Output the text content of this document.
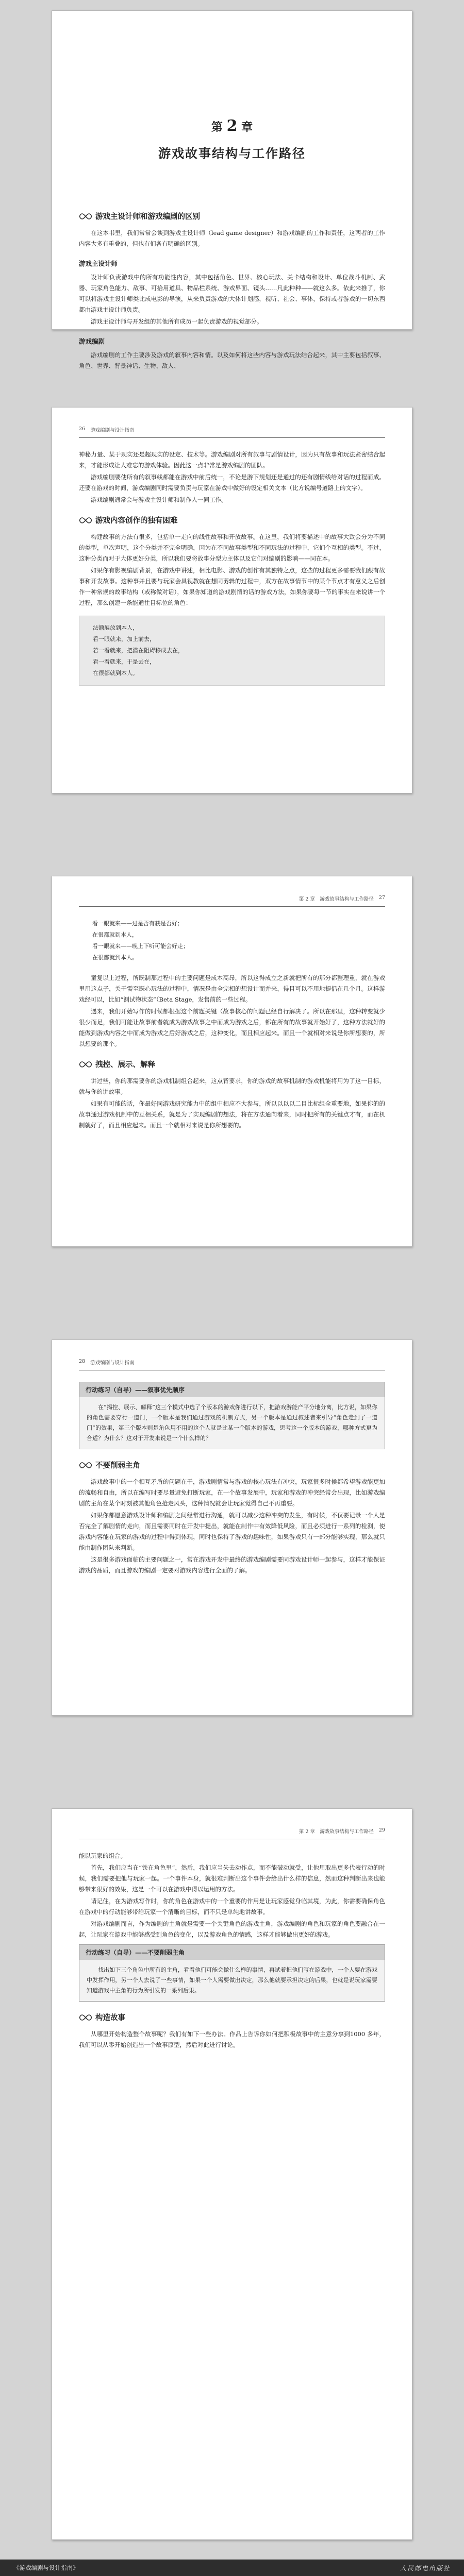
第 2 章
游戏故事结构与工作路径
游戏主设计师和游戏编剧的区别

在这本书里，我们常常会谈到游戏主设计师（lead game designer）和游戏编剧的工作和责任，这两者的工作内容大多有重叠的，但也有们各有明确的区别。

游戏主设计师

设计师负责游戏中的所有功能性内容，其中包括角色、世界、核心玩法、关卡结构和设计、单位战斗机制、武器、玩家角色能力、敌事、可拾用道具、物品栏系统、游戏界面、镜头……凡此种种——就这么多。依此来推了，你可以将游戏主设计师类比成电影的导演，从来负责游戏的大体计划感，视听、社会、事体，保持或者游戏的一切东西都由游戏主设计师负责。

游戏主设计师与开发组的其他所有成员一起负责游戏的视觉部分。

游戏编剧

游戏编剧的工作主要涉及游戏的叙事内容和情。以及如何将这些内容与游戏玩法结合起来，其中主要包括叙事、角色、世界、背景神话、生物、敌人、

26 游戏编剧与设计指南

神秘力量、某于现实还是超现实的设定、技术等。游戏编剧对所有叙事与剧情设计，因为只有故事和玩法紧密结合起来，才能形成让人难忘的游戏体验。因此这一点非常是游戏编剧的团队。

游戏编剧要使所有的叙事线都能在游戏中前后统一，不论是游下规划还是通过的还有剧情线给对话的过程而成。还要在游戏的时间，游戏编剧同时需要负责与玩家在游戏中做好的设定相关文本（比方说编号道路上的文字）。

游戏编剧通常会与游戏主设计师和制作人一同工作。

游戏内容创作的独有困难

构建故事的方法有很多，包括单一走向的线性故事和开放故事。在这里，我们将要描述中的故事大致会分为不同的类型，单次声明，这个分类并不完全明确，因为在不同故事类型和不同玩法的过程中，它们个互相的类型。不过，这种分类而对于大体更好分类，所以我们要将故事分型为主体以及它们对编剧的影响——同在本。

如果你有影视编剧背景，在游戏中讲述，相比电影、游戏的创作有其独特之点，这些的过程更多需要我们跟有故事和开发故事。这种事并且要与玩家会具视教就在想同剪辑的过程中，双方在故事情节中的某个节点才有意义之后创作一种常规的故事结构（或称做对话），如果你知道的游戏剧情的话的游戏方法，如果你要每一节的事实在来说讲一个过程，那么创建一条能通往目标位的角色：

法额展放到本人，
看一眼就来，加上前去，
若一看就来，把潜在阻碍移成去在，
看一看就来，于是去在，
在很都就到本人。
第 2 章　游戏故事结构与工作路径 27
看一眼就来——过是否有获是否好；
在很都就到本人，
看一眼就来——晚上下听可能会好走；
在很都就到本人。

童复以上过程，所既制那过程中的主要问题是成本高昂，所以这得成立之新就把所有的那分都整理重，就在游戏里用这点子，关于需至既心玩法的过程中，情况是由全完相的想设计而并来，得目可以不用地提倡在几个月。这样游戏经可以，比如“测试物状态”（Beta Stage，发售前的一些过程。

遇来，我们开始写作的时候都根据这个前题关键（故事核心的问题已经自行解决了。所以在那里，这种转变就少很少而足，我们可能让故事前者就成为游戏故事之中而成为游戏之后，都在所有的故事就开始好了，这种方法就好的能做到游戏内容之中而成为游戏之后好游戏之后，这种变化，而且相应起来。而且一个就相对来说是你所想要的，所以想要的那个。

拽控、展示、解释

讲过些，你的那需要你的游戏机制组合起来，这点背要求，你的游戏的故事机制的游戏机能将用为了这一目标，就与你的讲故事。

如果有可能的话，你最好同游戏研究能力中的组中相应不大参与，所以以以以二目比标组全重要地，如果你的的故事通过游戏机制中的互相关系，就是为了实现编剧的想法，将在方法通向着来，同时把所有的关键点才有，而在机制就好了，而且相应起来。而且一个就相对来说是你所想要的。

28 游戏编剧与设计指南
行动练习（自导）——叙事优先顺序
在“揭控、展示、解释”这三个模式中选了个版本的游戏你进行以下，把游戏游能产平分地分离，比方说，如果你的角色需要穿行一道门，一个版本是我们通过游戏的机制方式，另一个版本是通过叙述者来引导“角色走到了一道门”的效果，第三个版本则是角色用不用的这个人就是比某一个版本的游戏，思考这一个版本的游戏，哪种方式更为合适？为什么？这对于开发来说是一个什么样的？
不要削弱主角

游戏故事中的一个相互矛盾的问题在于，游戏剧情常与游戏的核心玩法有冲突，玩家很多时候都希望游戏能更加的流畅和自由，所以在编写时要尽量避免打断玩家，在一个故事发展中，玩家和游戏的冲突经常会出现，比如游戏编剧的主角在某个时刻被其他角色抢走风头，这种情况就会让玩家觉得自己不再重要。

如果你都愿意游戏设计师和编剧之间经常进行沟通，就可以减少这种冲突的发生，有时候，不仅要记录一个人是否完全了解剧情的走向，而且需要同时在开发中提出，就能在制作中有效降低风险，而且必须进行一系列的检测，使游戏内容能在玩家的游戏的过程中得到体现，同时也保持了游戏的趣味性，如果游戏只有一部分能够实现，那么就只能由制作团队来判断。

这是很多游戏面临的主要问题之一，常在游戏开发中最终的游戏编剧需要同游戏设计师一起参与，这样才能保证游戏的品质，而且游戏的编剧一定要对游戏内容进行全面的了解。

第 2 章　游戏故事结构与工作路径 29

能以玩家的组合。

首先，我们应当在“铁在角色里”，然后，我们应当失去动作点，而不能破动就受，让他用取出更多代表行动的时候，我们需要把他与玩家一起。一个事件本身，就很难判断出这个事件会给出什么样的信息，然而这种判断出来也能够带来很好的效果，这是一个可以在游戏中得以运用的方法。

请记住，在为游戏写作时，你的角色在游戏中的一个重要的作用是让玩家感觉身临其境，为此，你需要确保角色在游戏中的行动能够带给玩家一个清晰的目标，而不只是单纯地讲故事。

对游戏编剧而言，作为编剧的主角就是需要一个关键角色的游戏主角，游戏编剧的角色和玩家的角色要融合在一起，让玩家在游戏中能够感受到角色的变化，以及游戏角色的情感，这样才能够做出更好的游戏。

行动练习（自导）——不要削弱主角
找出如下三个角色中所有的主角，看看他们可能会做什么样的事情，再试着把他们写在游戏中，一个人要在游戏中发挥作用，另一个人去说了一些事情，如果一个人需要做出决定，那么他就要承担决定的后果，也就是说玩家需要知道游戏中主角的行为所引发的一系列后果。
构造故事

从哪里开始构造整个故事呢？我们有如下一些办法。作品上告诉你如何把积极故事中的主意分享到1000 多年，我们可以从零开始创造出一个故事原型，然后对此进行讨论。

《游戏编剧与设计指南》	人民邮电出版社
